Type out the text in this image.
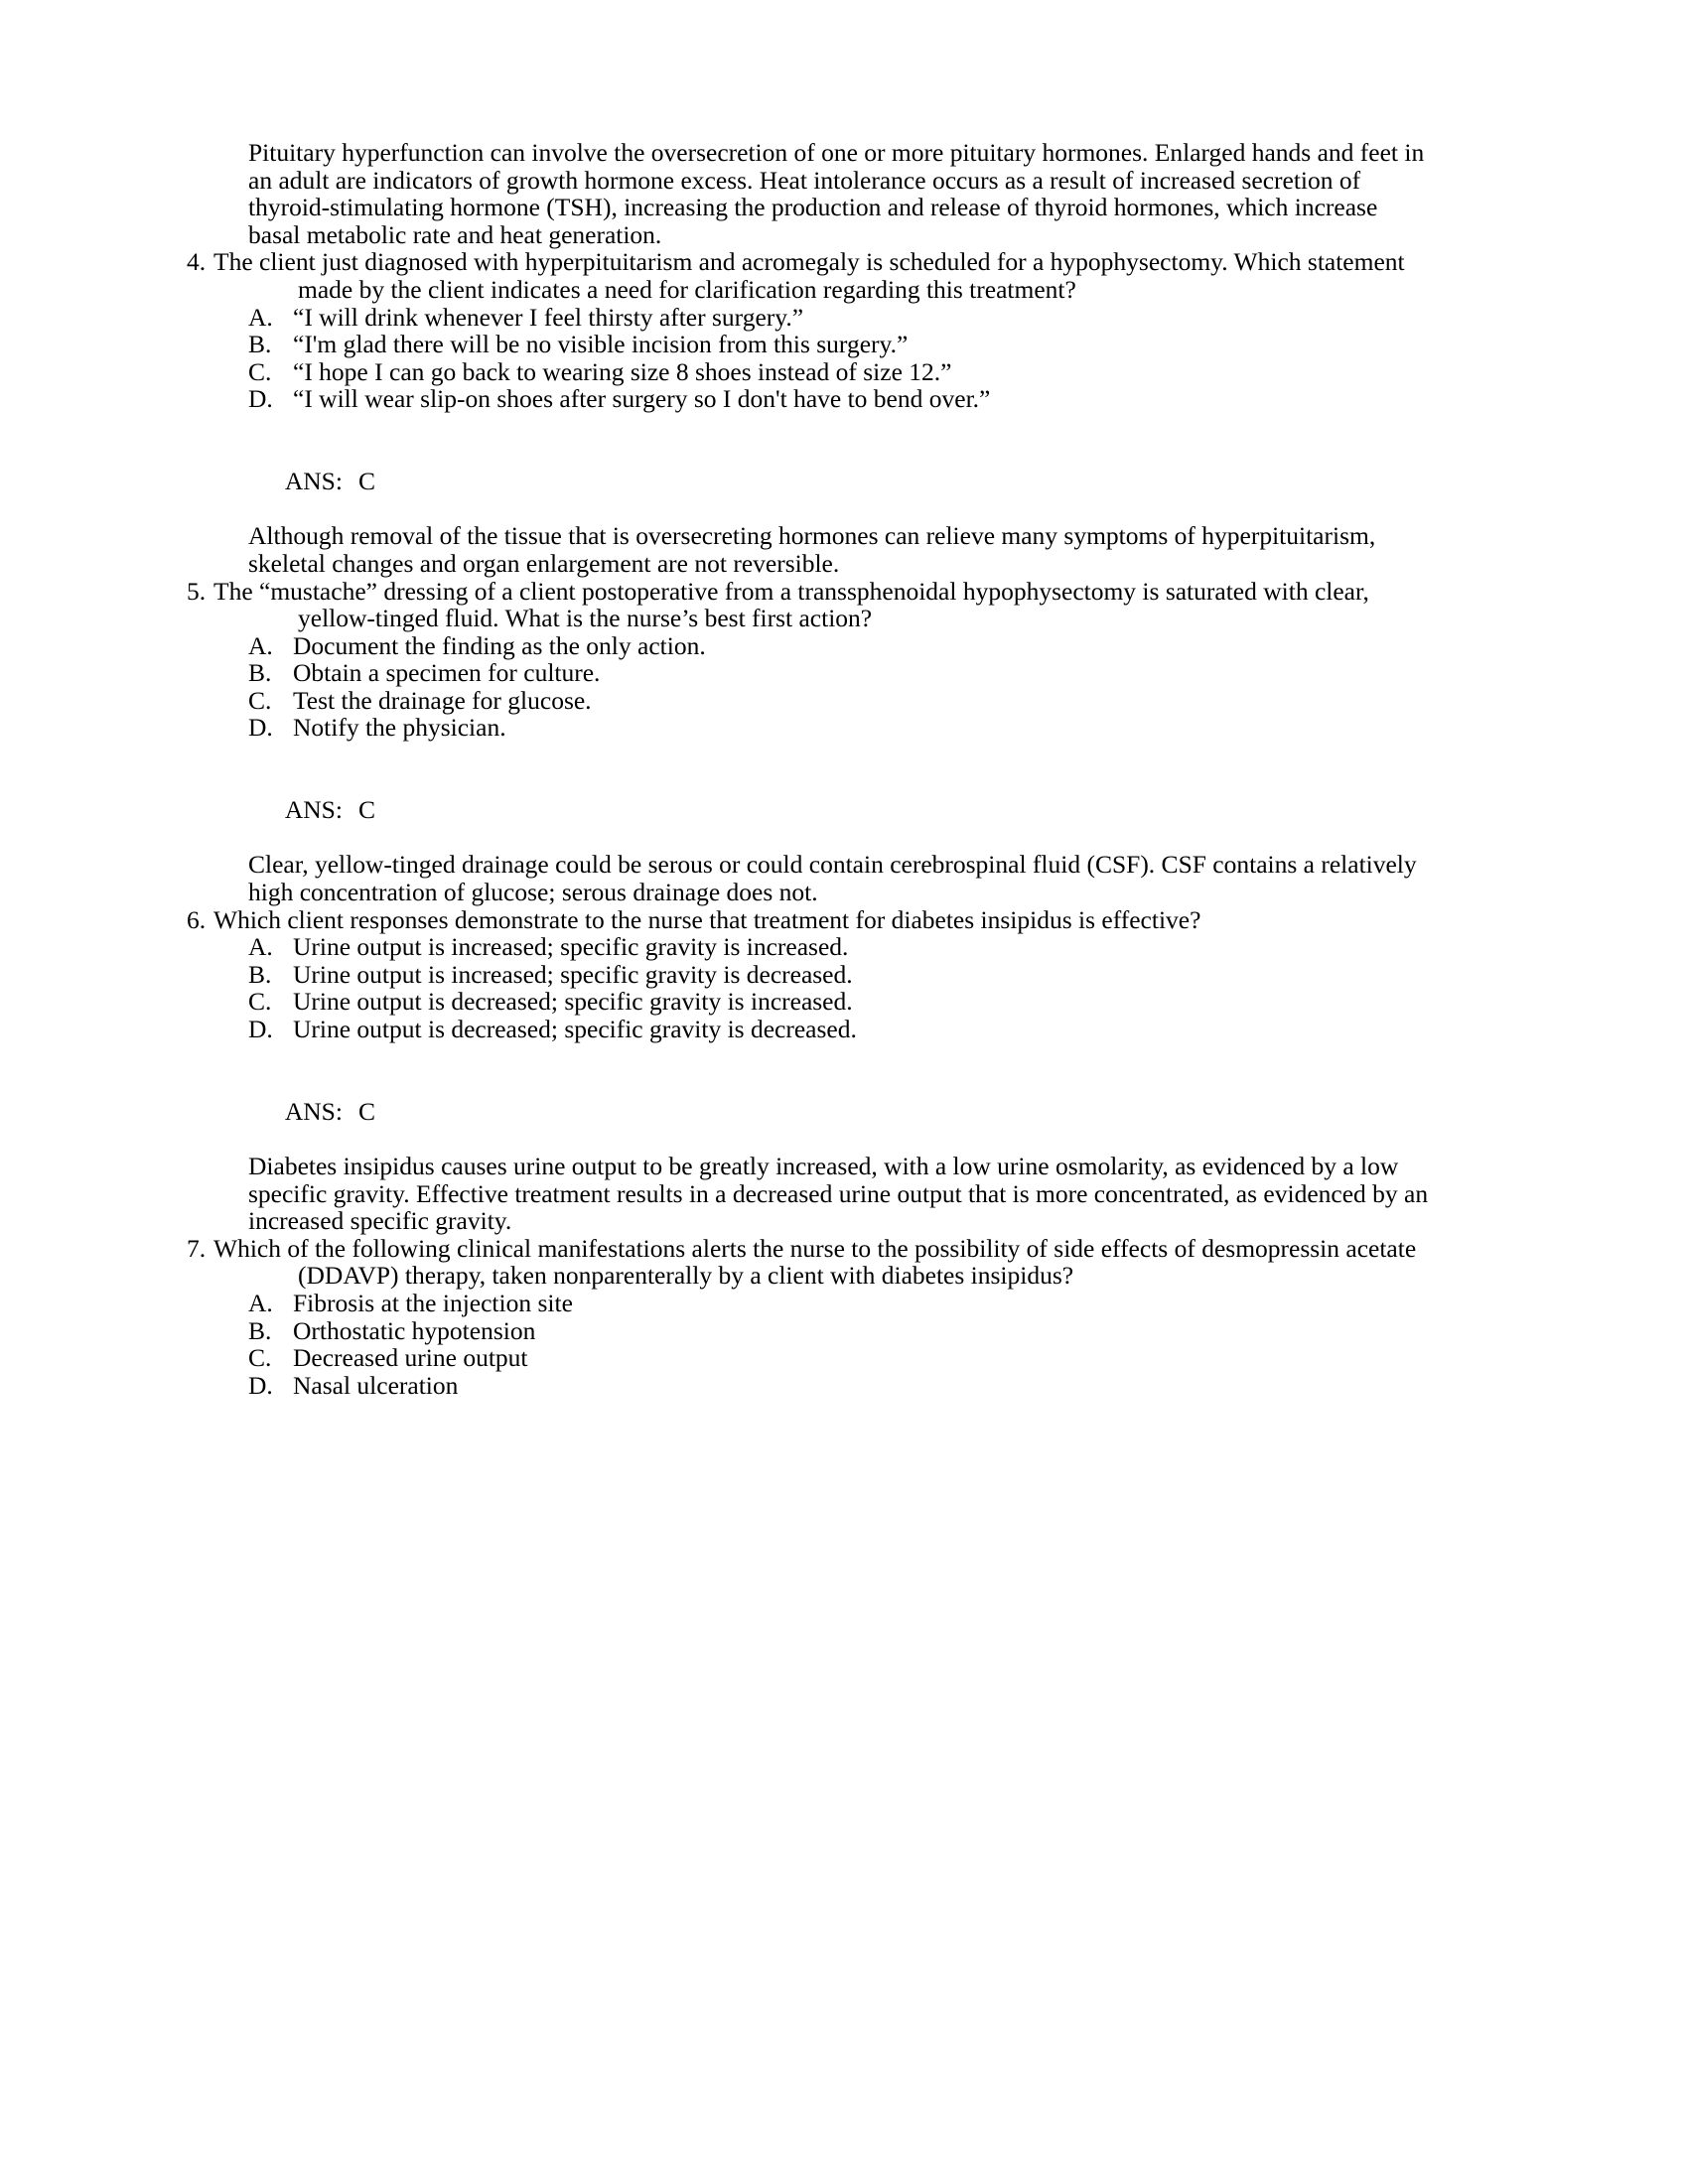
Pituitary hyperfunction can involve the oversecretion of one or more pituitary hormones. Enlarged hands and feet in an adult are indicators of growth hormone excess. Heat intolerance occurs as a result of increased secretion of thyroid-stimulating hormone (TSH), increasing the production and release of thyroid hormones, which increase basal metabolic rate and heat generation.
4. The client just diagnosed with hyperpituitarism and acromegaly is scheduled for a hypophysectomy. Which statement made by the client indicates a need for clarification regarding this treatment?
A. “I will drink whenever I feel thirsty after surgery.”
B. “I'm glad there will be no visible incision from this surgery.”
C. “I hope I can go back to wearing size 8 shoes instead of size 12.”
D. “I will wear slip-on shoes after surgery so I don't have to bend over.”

ANS: C

Although removal of the tissue that is oversecreting hormones can relieve many symptoms of hyperpituitarism, skeletal changes and organ enlargement are not reversible.
5. The “mustache” dressing of a client postoperative from a transsphenoidal hypophysectomy is saturated with clear, yellow-tinged fluid. What is the nurse’s best first action?
A. Document the finding as the only action.
B. Obtain a specimen for culture.
C. Test the drainage for glucose.
D. Notify the physician.

ANS: C

Clear, yellow-tinged drainage could be serous or could contain cerebrospinal fluid (CSF). CSF contains a relatively high concentration of glucose; serous drainage does not.
6. Which client responses demonstrate to the nurse that treatment for diabetes insipidus is effective?
A. Urine output is increased; specific gravity is increased.
B. Urine output is increased; specific gravity is decreased.
C. Urine output is decreased; specific gravity is increased.
D. Urine output is decreased; specific gravity is decreased.

ANS: C

Diabetes insipidus causes urine output to be greatly increased, with a low urine osmolarity, as evidenced by a low specific gravity. Effective treatment results in a decreased urine output that is more concentrated, as evidenced by an increased specific gravity.
7. Which of the following clinical manifestations alerts the nurse to the possibility of side effects of desmopressin acetate (DDAVP) therapy, taken nonparenterally by a client with diabetes insipidus?
A. Fibrosis at the injection site
B. Orthostatic hypotension
C. Decreased urine output
D. Nasal ulceration
